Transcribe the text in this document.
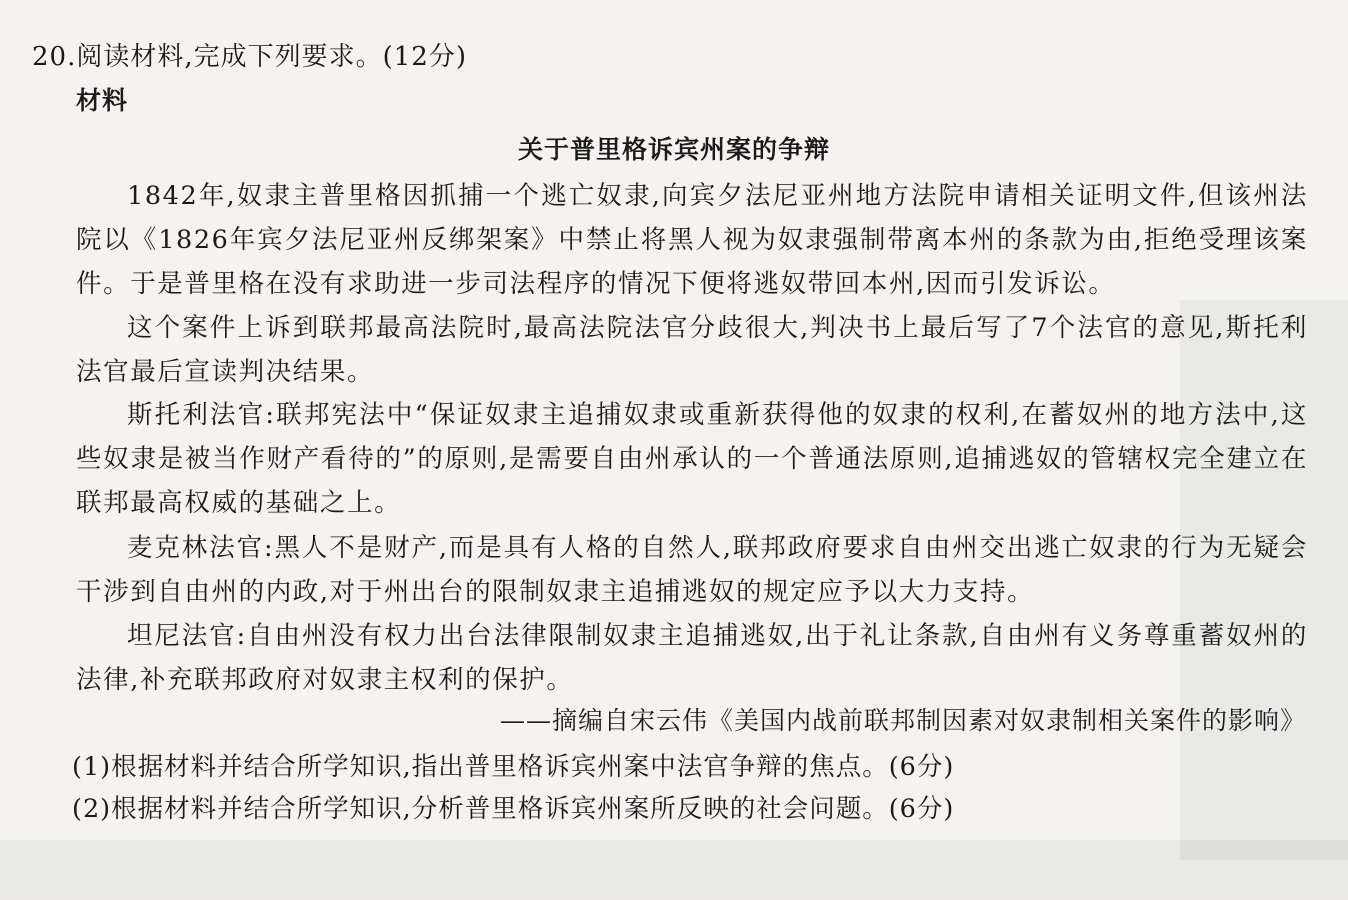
20.阅读材料,完成下列要求。(12分)
材料
关于普里格诉宾州案的争辩
1842年,奴隶主普里格因抓捕一个逃亡奴隶,向宾夕法尼亚州地方法院申请相关证明文件,但该州法院以《1826年宾夕法尼亚州反绑架案》中禁止将黑人视为奴隶强制带离本州的条款为由,拒绝受理该案件。于是普里格在没有求助进一步司法程序的情况下便将逃奴带回本州,因而引发诉讼。
这个案件上诉到联邦最高法院时,最高法院法官分歧很大,判决书上最后写了7个法官的意见,斯托利法官最后宣读判决结果。
斯托利法官:联邦宪法中“保证奴隶主追捕奴隶或重新获得他的奴隶的权利,在蓄奴州的地方法中,这些奴隶是被当作财产看待的”的原则,是需要自由州承认的一个普通法原则,追捕逃奴的管辖权完全建立在联邦最高权威的基础之上。
麦克林法官:黑人不是财产,而是具有人格的自然人,联邦政府要求自由州交出逃亡奴隶的行为无疑会干涉到自由州的内政,对于州出台的限制奴隶主追捕逃奴的规定应予以大力支持。
坦尼法官:自由州没有权力出台法律限制奴隶主追捕逃奴,出于礼让条款,自由州有义务尊重蓄奴州的法律,补充联邦政府对奴隶主权利的保护。
——摘编自宋云伟《美国内战前联邦制因素对奴隶制相关案件的影响》
(1)根据材料并结合所学知识,指出普里格诉宾州案中法官争辩的焦点。(6分)
(2)根据材料并结合所学知识,分析普里格诉宾州案所反映的社会问题。(6分)
